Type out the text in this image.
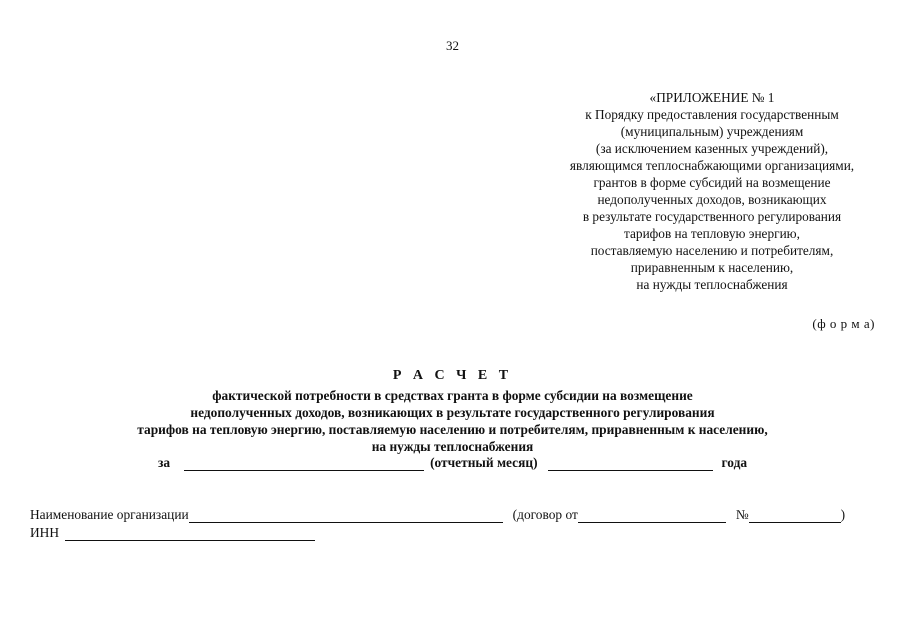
32
«ПРИЛОЖЕНИЕ № 1
к Порядку предоставления государственным
(муниципальным) учреждениям
(за исключением казенных учреждений),
являющимся теплоснабжающими организациями,
грантов в форме субсидий на возмещение
недополученных доходов, возникающих
в результате государственного регулирования
тарифов на тепловую энергию,
поставляемую населению и потребителям,
приравненным к населению,
на нужды теплоснабжения
(ф о р м а)
Р А С Ч Е Т
фактической потребности в средствах гранта в форме субсидии на возмещение
недополученных доходов, возникающих в результате государственного регулирования
тарифов на тепловую энергию, поставляемую населению и потребителям, приравненным к населению,
на нужды теплоснабжения
за	(отчетный месяц)	года
Наименование организации	(договор от	№	)
ИНН
